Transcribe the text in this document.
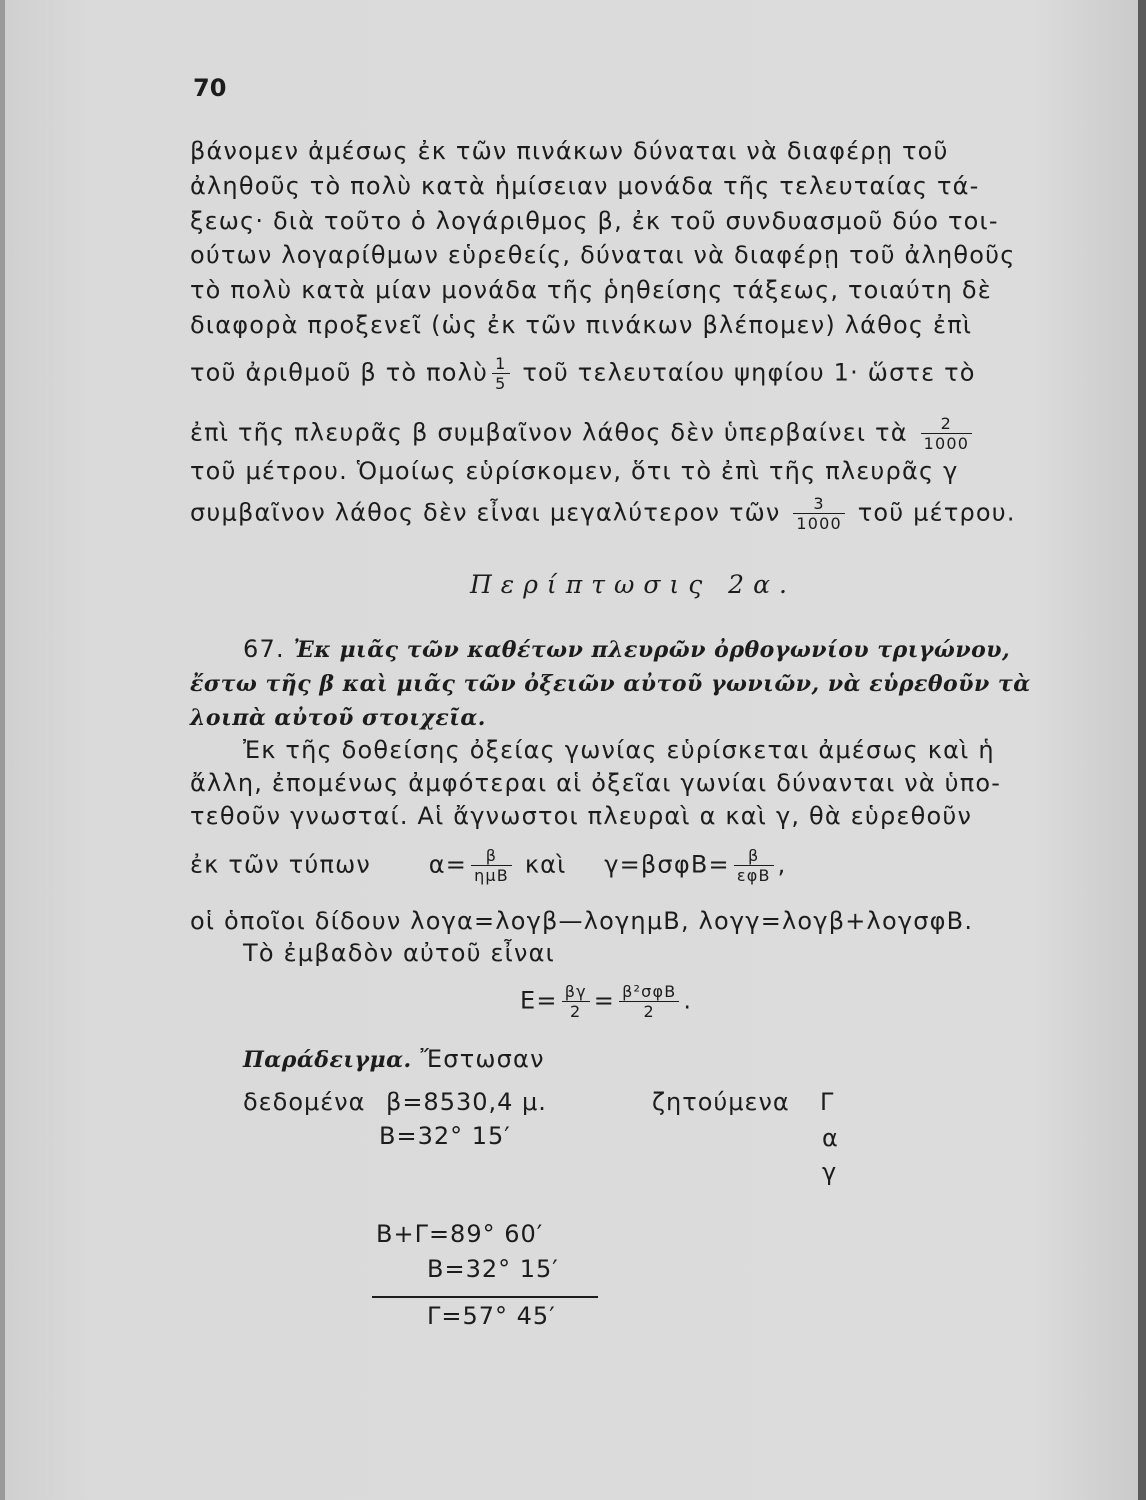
70
βάνομεν ἀμέσως ἐκ τῶν πινάκων δύναται νὰ διαφέρῃ τοῦ
ἀληθοῦς τὸ πολὺ κατὰ ἡμίσειαν μονάδα τῆς τελευταίας τά-
ξεως· διὰ τοῦτο ὁ λογάριθμος β, ἐκ τοῦ συνδυασμοῦ δύο τοι-
ούτων λογαρίθμων εὑρεθείς, δύναται νὰ διαφέρῃ τοῦ ἀληθοῦς
τὸ πολὺ κατὰ μίαν μονάδα τῆς ῥηθείσης τάξεως, τοιαύτη δὲ
διαφορὰ προξενεῖ (ὡς ἐκ τῶν πινάκων βλέπομεν) λάθος ἐπὶ
τοῦ ἀριθμοῦ β τὸ πολὺ $\frac{1}{5}$ τοῦ τελευταίου ψηφίου 1· ὥστε τὸ
ἐπὶ τῆς πλευρᾶς β συμβαῖνον λάθος δὲν ὑπερβαίνει τὰ $\frac{2}{1000}$
τοῦ μέτρου. Ὁμοίως εὑρίσκομεν, ὅτι τὸ ἐπὶ τῆς πλευρᾶς γ
συμβαῖνον λάθος δὲν εἶναι μεγαλύτερον τῶν $\frac{3}{1000}$ τοῦ μέτρου.
Περίπτωσις 2α.
67. Ἐκ μιᾶς τῶν καθέτων πλευρῶν ὀρθογωνίου τριγώνου,
ἔστω τῆς β καὶ μιᾶς τῶν ὀξειῶν αὐτοῦ γωνιῶν, νὰ εὑρεθοῦν τὰ
λοιπὰ αὐτοῦ στοιχεῖα.
Ἐκ τῆς δοθείσης ὀξείας γωνίας εὑρίσκεται ἀμέσως καὶ ἡ
ἄλλη, ἐπομένως ἀμφότεραι αἱ ὀξεῖαι γωνίαι δύνανται νὰ ὑπο-
τεθοῦν γνωσταί. Αἱ ἄγνωστοι πλευραὶ α καὶ γ, θὰ εὑρεθοῦν
ἐκ τῶν τύπων $\alpha= \frac{\beta}{\text{ημΒ}}$ καὶ $\gamma=\beta\sigma\varphi B= \frac{\beta}{\text{εφΒ}}$ ,
οἱ ὁποῖοι δίδουν λογα=λογβ—λογημΒ, λογγ=λογβ+λογσφΒ.
Τὸ ἐμβαδὸν αὐτοῦ εἶναι
$E= \frac{\beta\gamma}{2} = \frac{\text{β²σφΒ}}{2}$ .
Παράδειγμα. Ἔστωσαν
δεδομένα β=8530,4 μ.
Β=32° 15′
ζητούμενα Γ
α
γ
Β+Γ=89° 60′
Β=32° 15′
Γ=57° 45′
